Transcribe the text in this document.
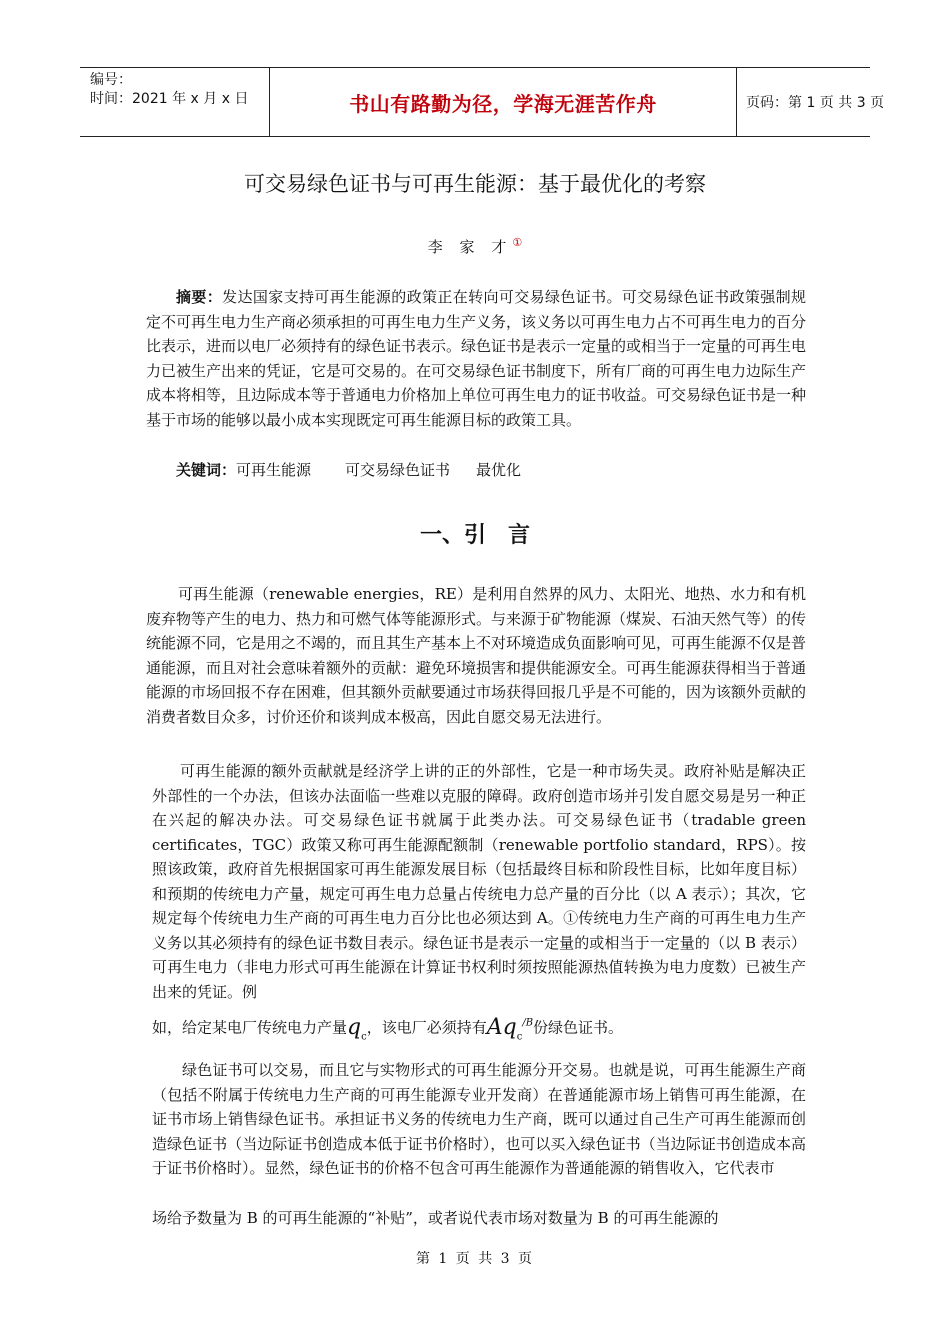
编号：
时间：2021 年 x 月 x 日	书山有路勤为径，学海无涯苦作舟	页码：第 1 页 共 3 页
可交易绿色证书与可再生能源：基于最优化的考察
李 家 才①

摘要：发达国家支持可再生能源的政策正在转向可交易绿色证书。可交易绿色证书政策强制规定不可再生电力生产商必须承担的可再生电力生产义务，该义务以可再生电力占不可再生电力的百分比表示，进而以电厂必须持有的绿色证书表示。绿色证书是表示一定量的或相当于一定量的可再生电力已被生产出来的凭证，它是可交易的。在可交易绿色证书制度下，所有厂商的可再生电力边际生产成本将相等，且边际成本等于普通电力价格加上单位可再生电力的证书收益。可交易绿色证书是一种基于市场的能够以最小成本实现既定可再生能源目标的政策工具。

关键词：可再生能源 可交易绿色证书 最优化

一、引　言

可再生能源（renewable energies，RE）是利用自然界的风力、太阳光、地热、水力和有机废弃物等产生的电力、热力和可燃气体等能源形式。与来源于矿物能源（煤炭、石油天然气等）的传统能源不同，它是用之不竭的，而且其生产基本上不对环境造成负面影响可见，可再生能源不仅是普通能源，而且对社会意味着额外的贡献：避免环境损害和提供能源安全。可再生能源获得相当于普通能源的市场回报不存在困难，但其额外贡献要通过市场获得回报几乎是不可能的，因为该额外贡献的消费者数目众多，讨价还价和谈判成本极高，因此自愿交易无法进行。

可再生能源的额外贡献就是经济学上讲的正的外部性，它是一种市场失灵。政府补贴是解决正外部性的一个办法，但该办法面临一些难以克服的障碍。政府创造市场并引发自愿交易是另一种正在兴起的解决办法。可交易绿色证书就属于此类办法。可交易绿色证书（tradable green certificates，TGC）政策又称可再生能源配额制（renewable portfolio standard，RPS）。按照该政策，政府首先根据国家可再生能源发展目标（包括最终目标和阶段性目标，比如年度目标）和预期的传统电力产量，规定可再生电力总量占传统电力总产量的百分比（以 A 表示）；其次，它规定每个传统电力生产商的可再生电力百分比也必须达到 A。①传统电力生产商的可再生电力生产义务以其必须持有的绿色证书数目表示。绿色证书是表示一定量的或相当于一定量的（以 B 表示）可再生电力（非电力形式可再生能源在计算证书权利时须按照能源热值转换为电力度数）已被生产出来的凭证。例

如，给定某电厂传统电力产量$q_c$，该电厂必须持有$Aq_c^{/B}$份绿色证书。

绿色证书可以交易，而且它与实物形式的可再生能源分开交易。也就是说，可再生能源生产商（包括不附属于传统电力生产商的可再生能源专业开发商）在普通能源市场上销售可再生能源，在证书市场上销售绿色证书。承担证书义务的传统电力生产商，既可以通过自己生产可再生能源而创造绿色证书（当边际证书创造成本低于证书价格时），也可以买入绿色证书（当边际证书创造成本高于证书价格时）。显然，绿色证书的价格不包含可再生能源作为普通能源的销售收入，它代表市

场给予数量为 B 的可再生能源的“补贴”，或者说代表市场对数量为 B 的可再生能源的

第 1 页 共 3 页
